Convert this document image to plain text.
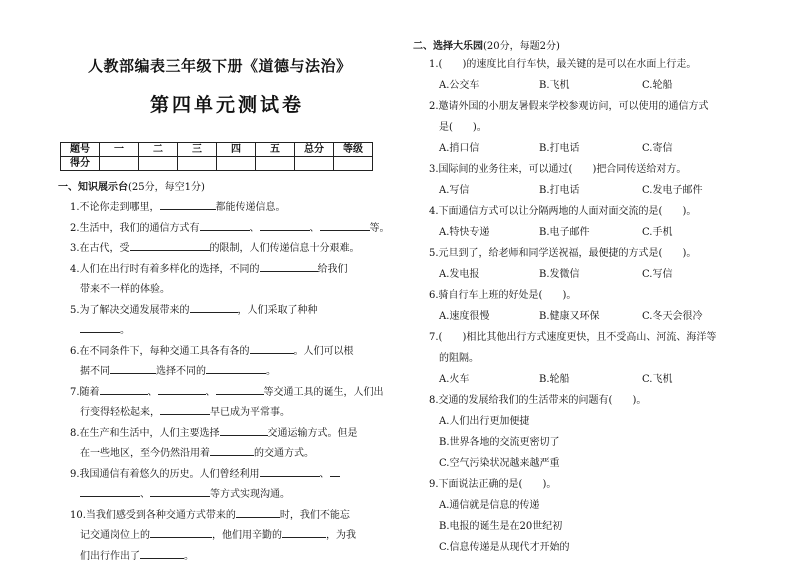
人教部编表三年级下册《道德与法治》
第四单元测试卷
题号	一	二	三	四	五	总分	等级
得分							
一、知识展示台(25分，每空1分)
1.不论你走到哪里，	都能传递信息。
2.生活中，我们的通信方式有	、	、	等。
3.在古代，受	的限制，人们传递信息十分艰难。
4.人们在出行时有着多样化的选择，不同的	给我们
带来不一样的体验。
5.为了解决交通发展带来的	，人们采取了种种
。
6.在不同条件下，每种交通工具各有各的	。人们可以根
据不同	选择不同的	。
7.随着	、	、	等交通工具的诞生，人们出
行变得轻松起来，	早已成为平常事。
8.在生产和生活中，人们主要选择	交通运输方式。但是
在一些地区，至今仍然沿用着	的交通方式。
9.我国通信有着悠久的历史。人们曾经利用	、
、	等方式实现沟通。
10.当我们感受到各种交通方式带来的	时，我们不能忘
记交通岗位上的	，他们用辛勤的	，为我
们出行作出了	。
二、选择大乐园(20分，每题2分)
1.(　　)的速度比自行车快，最关键的是可以在水面上行走。
A.公交车	B.飞机	C.轮船
2.邀请外国的小朋友暑假来学校参观访问，可以使用的通信方式
是(　　)。
A.捎口信	B.打电话	C.寄信
3.国际间的业务往来，可以通过(　　)把合同传送给对方。
A.写信	B.打电话	C.发电子邮件
4.下面通信方式可以让分隔两地的人面对面交流的是(　　)。
A.特快专递	B.电子邮件	C.手机
5.元旦到了，给老师和同学送祝福，最便捷的方式是(　　)。
A.发电报	B.发微信	C.写信
6.骑自行车上班的好处是(　　)。
A.速度很慢	B.健康又环保	C.冬天会很冷
7.(　　)相比其他出行方式速度更快，且不受高山、河流、海洋等
的阻隔。
A.火车	B.轮船	C.飞机
8.交通的发展给我们的生活带来的问题有(　　)。
A.人们出行更加便捷
B.世界各地的交流更密切了
C.空气污染状况越来越严重
9.下面说法正确的是(　　)。
A.通信就是信息的传递
B.电报的诞生是在20世纪初
C.信息传递是从现代才开始的
